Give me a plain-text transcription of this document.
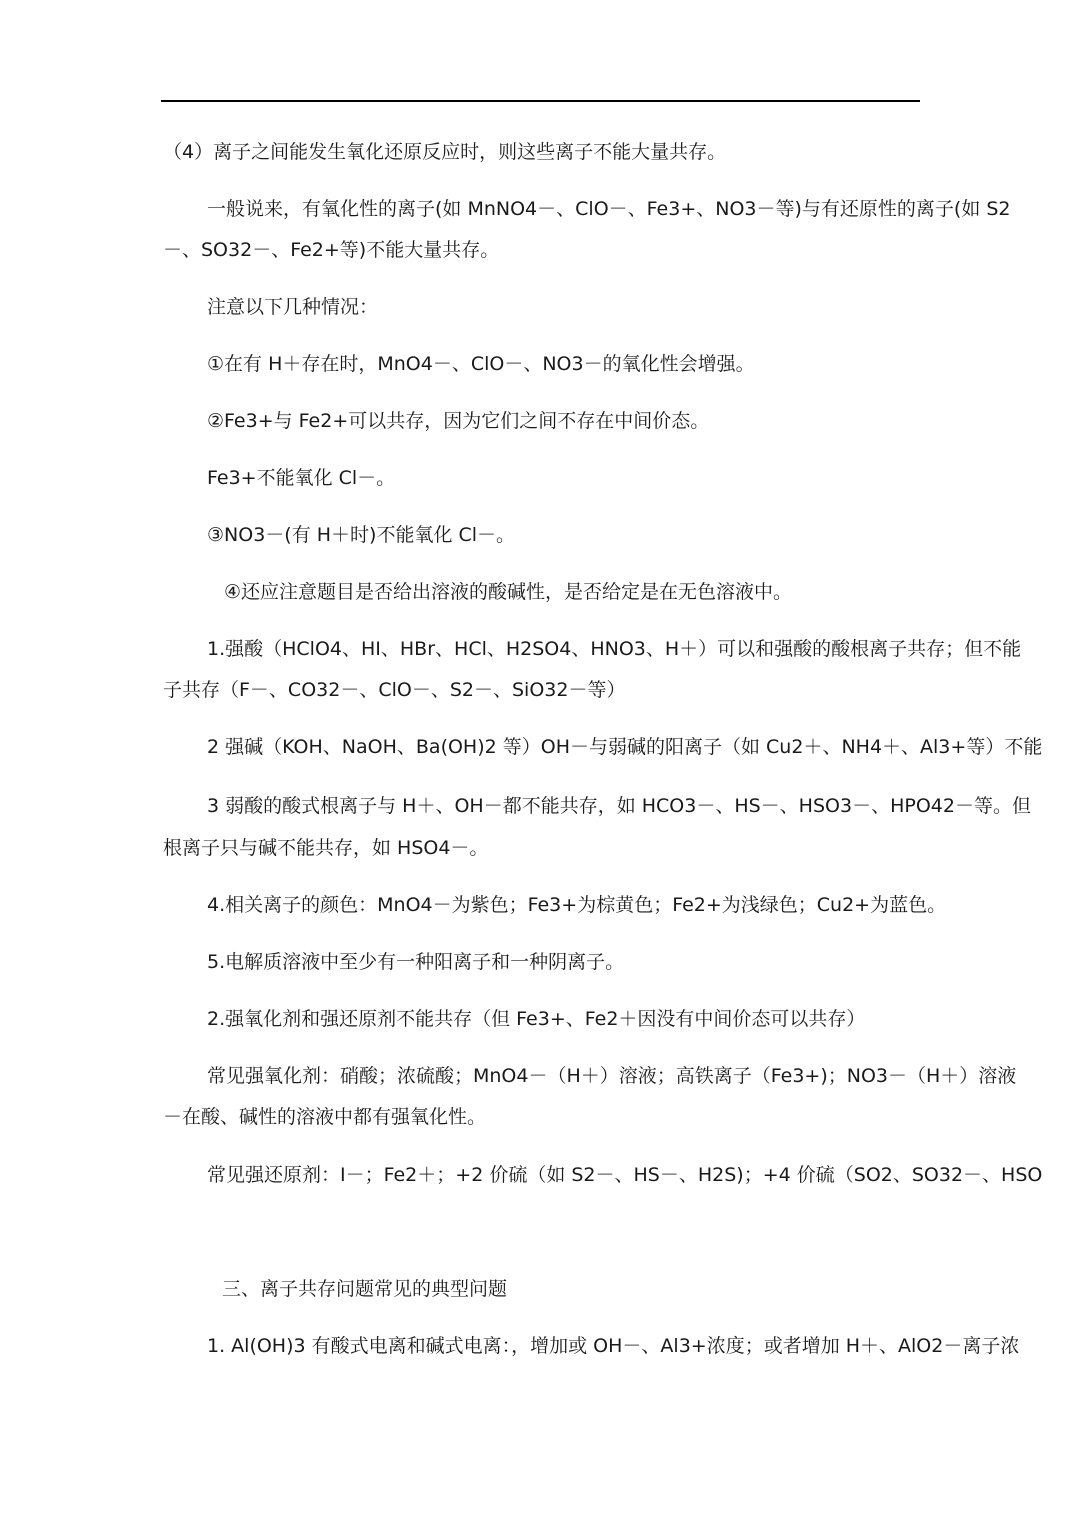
（4）离子之间能发生氧化还原反应时，则这些离子不能大量共存。

一般说来，有氧化性的离子(如 MnNO4－、ClO－、Fe3+、NO3－等)与有还原性的离子(如 S2

－、SO32－、Fe2+等)不能大量共存。

注意以下几种情况：

①在有 H＋存在时，MnO4－、ClO－、NO3－的氧化性会增强。

②Fe3+与 Fe2+可以共存，因为它们之间不存在中间价态。

Fe3+不能氧化 Cl－。

③NO3－(有 H＋时)不能氧化 Cl－。

④还应注意题目是否给出溶液的酸碱性，是否给定是在无色溶液中。

1.强酸（HClO4、HI、HBr、HCl、H2SO4、HNO3、H＋）可以和强酸的酸根离子共存；但不能

子共存（F－、CO32－、ClO－、S2－、SiO32－等）

2 强碱（KOH、NaOH、Ba(OH)2 等）OH－与弱碱的阳离子（如 Cu2＋、NH4＋、Al3+等）不能

3 弱酸的酸式根离子与 H＋、OH－都不能共存，如 HCO3－、HS－、HSO3－、HPO42－等。但

根离子只与碱不能共存，如 HSO4－。

4.相关离子的颜色：MnO4－为紫色；Fe3+为棕黄色；Fe2+为浅绿色；Cu2+为蓝色。

5.电解质溶液中至少有一种阳离子和一种阴离子。

2.强氧化剂和强还原剂不能共存（但 Fe3+、Fe2＋因没有中间价态可以共存）

常见强氧化剂：硝酸；浓硫酸；MnO4－（H＋）溶液；高铁离子（Fe3+)；NO3－（H＋）溶液

－在酸、碱性的溶液中都有强氧化性。

常见强还原剂：I－；Fe2＋；+2 价硫（如 S2－、HS－、H2S)；+4 价硫（SO2、SO32－、HSO

三、离子共存问题常见的典型问题

1. Al(OH)3 有酸式电离和碱式电离：，增加或 OH－、Al3+浓度；或者增加 H＋、AlO2－离子浓
